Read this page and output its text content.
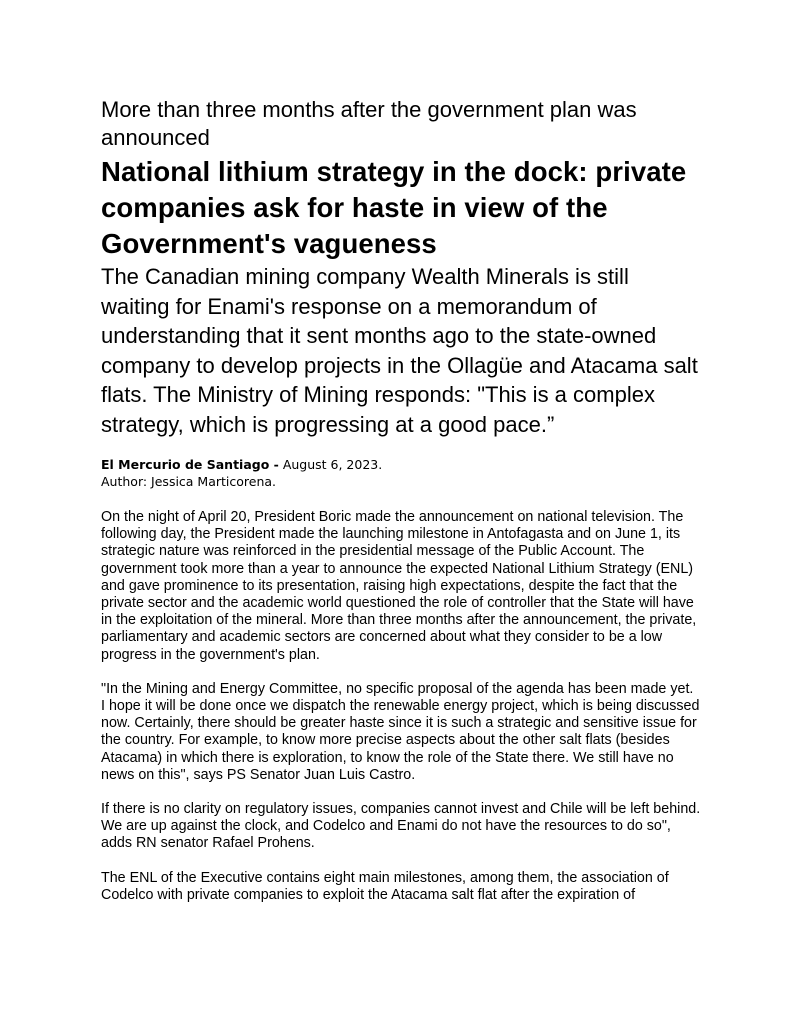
More than three months after the government plan was announced
National lithium strategy in the dock: private companies ask for haste in view of the Government's vagueness

The Canadian mining company Wealth Minerals is still waiting for Enami's response on a memorandum of understanding that it sent months ago to the state-owned company to develop projects in the Ollagüe and Atacama salt flats. The Ministry of Mining responds: "This is a complex strategy, which is progressing at a good pace.”

El Mercurio de Santiago - August 6, 2023.
Author: Jessica Marticorena.

On the night of April 20, President Boric made the announcement on national television. The following day, the President made the launching milestone in Antofagasta and on June 1, its strategic nature was reinforced in the presidential message of the Public Account. The government took more than a year to announce the expected National Lithium Strategy (ENL) and gave prominence to its presentation, raising high expectations, despite the fact that the private sector and the academic world questioned the role of controller that the State will have in the exploitation of the mineral. More than three months after the announcement, the private, parliamentary and academic sectors are concerned about what they consider to be a low progress in the government's plan.

"In the Mining and Energy Committee, no specific proposal of the agenda has been made yet. I hope it will be done once we dispatch the renewable energy project, which is being discussed now. Certainly, there should be greater haste since it is such a strategic and sensitive issue for the country. For example, to know more precise aspects about the other salt flats (besides Atacama) in which there is exploration, to know the role of the State there. We still have no news on this", says PS Senator Juan Luis Castro.

If there is no clarity on regulatory issues, companies cannot invest and Chile will be left behind. We are up against the clock, and Codelco and Enami do not have the resources to do so", adds RN senator Rafael Prohens.

The ENL of the Executive contains eight main milestones, among them, the association of Codelco with private companies to exploit the Atacama salt flat after the expiration of
